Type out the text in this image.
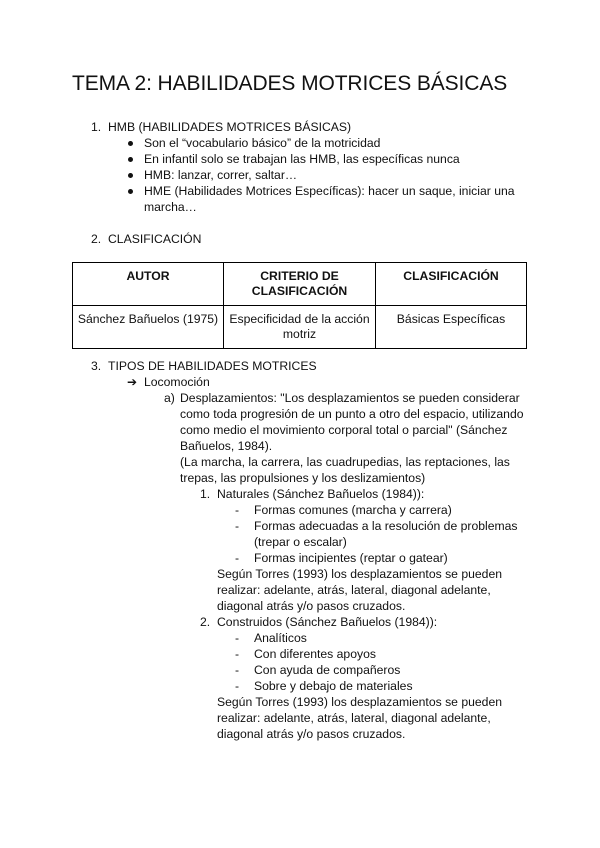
TEMA 2: HABILIDADES MOTRICES BÁSICAS
1. HMB (HABILIDADES MOTRICES BÁSICAS)
Son el “vocabulario básico” de la motricidad
En infantil solo se trabajan las HMB, las específicas nunca
HMB: lanzar, correr, saltar…
HME (Habilidades Motrices Específicas): hacer un saque, iniciar una
marcha…
2. CLASIFICACIÓN
AUTOR	CRITERIO DE CLASIFICACIÓN	CLASIFICACIÓN
Sánchez Bañuelos (1975)	Especificidad de la acción motriz	Básicas Específicas
3. TIPOS DE HABILIDADES MOTRICES
➔ Locomoción
a) Desplazamientos: "Los desplazamientos se pueden considerar
como toda progresión de un punto a otro del espacio, utilizando
como medio el movimiento corporal total o parcial" (Sánchez
Bañuelos, 1984).
(La marcha, la carrera, las cuadrupedias, las reptaciones, las
trepas, las propulsiones y los deslizamientos)
1. Naturales (Sánchez Bañuelos (1984)):
- Formas comunes (marcha y carrera)
- Formas adecuadas a la resolución de problemas
(trepar o escalar)
- Formas incipientes (reptar o gatear)
Según Torres (1993) los desplazamientos se pueden
realizar: adelante, atrás, lateral, diagonal adelante,
diagonal atrás y/o pasos cruzados.
2. Construidos (Sánchez Bañuelos (1984)):
- Analíticos
- Con diferentes apoyos
- Con ayuda de compañeros
- Sobre y debajo de materiales
Según Torres (1993) los desplazamientos se pueden
realizar: adelante, atrás, lateral, diagonal adelante,
diagonal atrás y/o pasos cruzados.
